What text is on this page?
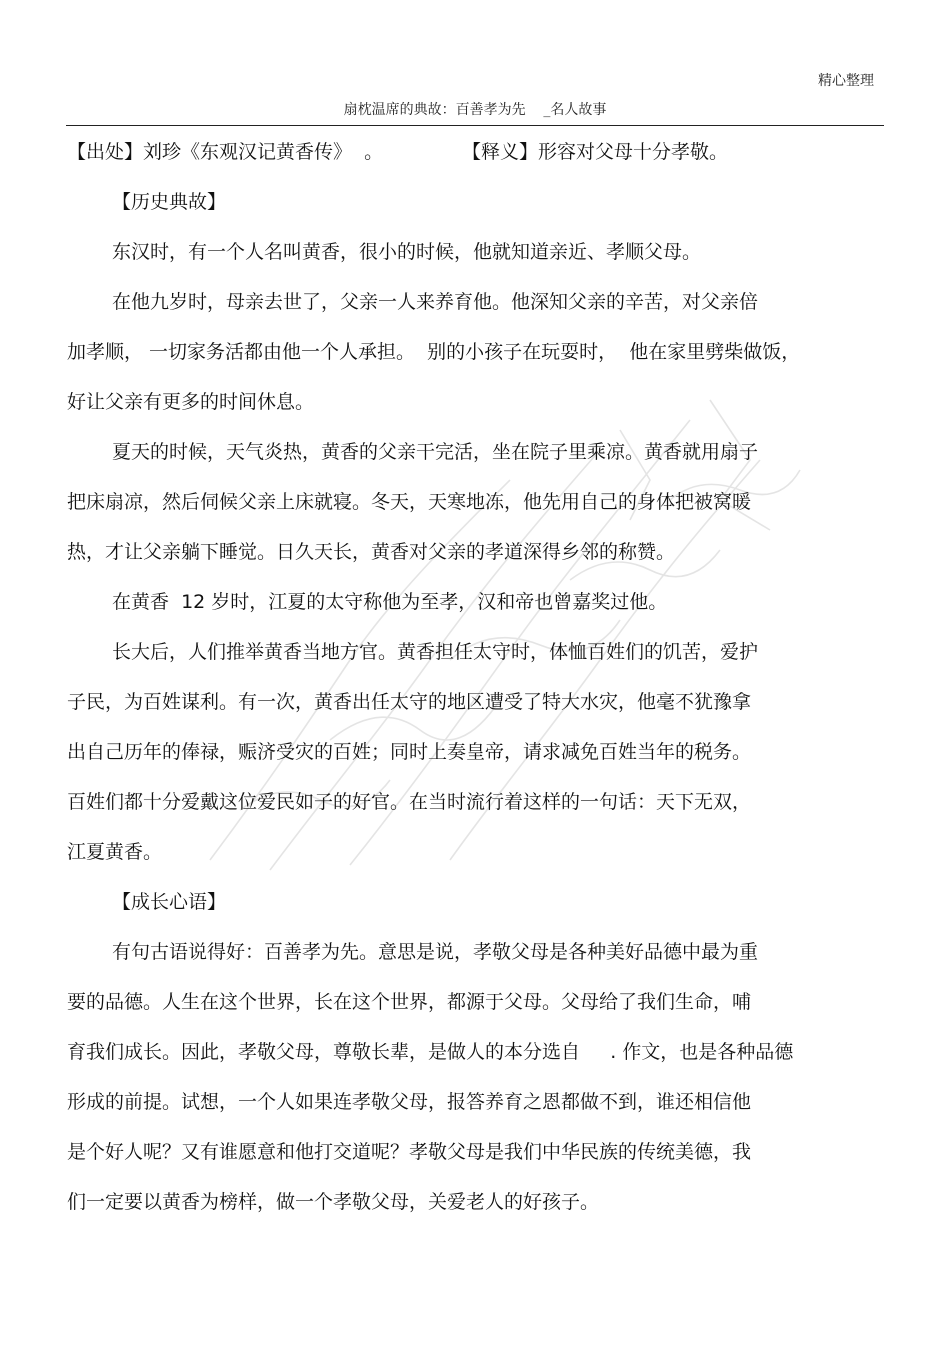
精心整理
扇枕温席的典故：百善孝为先    _名人故事
【出处】刘珍《东观汉记黄香传》  。	【释义】形容对父母十分孝敬。
【历史典故】
东汉时，有一个人名叫黄香，很小的时候，他就知道亲近、孝顺父母。
在他九岁时，母亲去世了，父亲一人来养育他。他深知父亲的辛苦，对父亲倍
加孝顺， 一切家务活都由他一个人承担。  别的小孩子在玩耍时，  他在家里劈柴做饭，
好让父亲有更多的时间休息。
夏天的时候，天气炎热，黄香的父亲干完活，坐在院子里乘凉。黄香就用扇子
把床扇凉，然后伺候父亲上床就寝。冬天，天寒地冻，他先用自己的身体把被窝暖
热，才让父亲躺下睡觉。日久天长，黄香对父亲的孝道深得乡邻的称赞。
在黄香  12 岁时，江夏的太守称他为至孝，汉和帝也曾嘉奖过他。
长大后，人们推举黄香当地方官。黄香担任太守时，体恤百姓们的饥苦，爱护
子民，为百姓谋利。有一次，黄香出任太守的地区遭受了特大水灾，他毫不犹豫拿
出自己历年的俸禄，赈济受灾的百姓；同时上奏皇帝，请求减免百姓当年的税务。
百姓们都十分爱戴这位爱民如子的好官。在当时流行着这样的一句话：天下无双，
江夏黄香。
【成长心语】
有句古语说得好：百善孝为先。意思是说，孝敬父母是各种美好品德中最为重
要的品德。人生在这个世界，长在这个世界，都源于父母。父母给了我们生命，哺
育我们成长。因此，孝敬父母，尊敬长辈，是做人的本分选自     . 作文，也是各种品德
形成的前提。试想，一个人如果连孝敬父母，报答养育之恩都做不到，谁还相信他
是个好人呢？又有谁愿意和他打交道呢？孝敬父母是我们中华民族的传统美德，我
们一定要以黄香为榜样，做一个孝敬父母，关爱老人的好孩子。
